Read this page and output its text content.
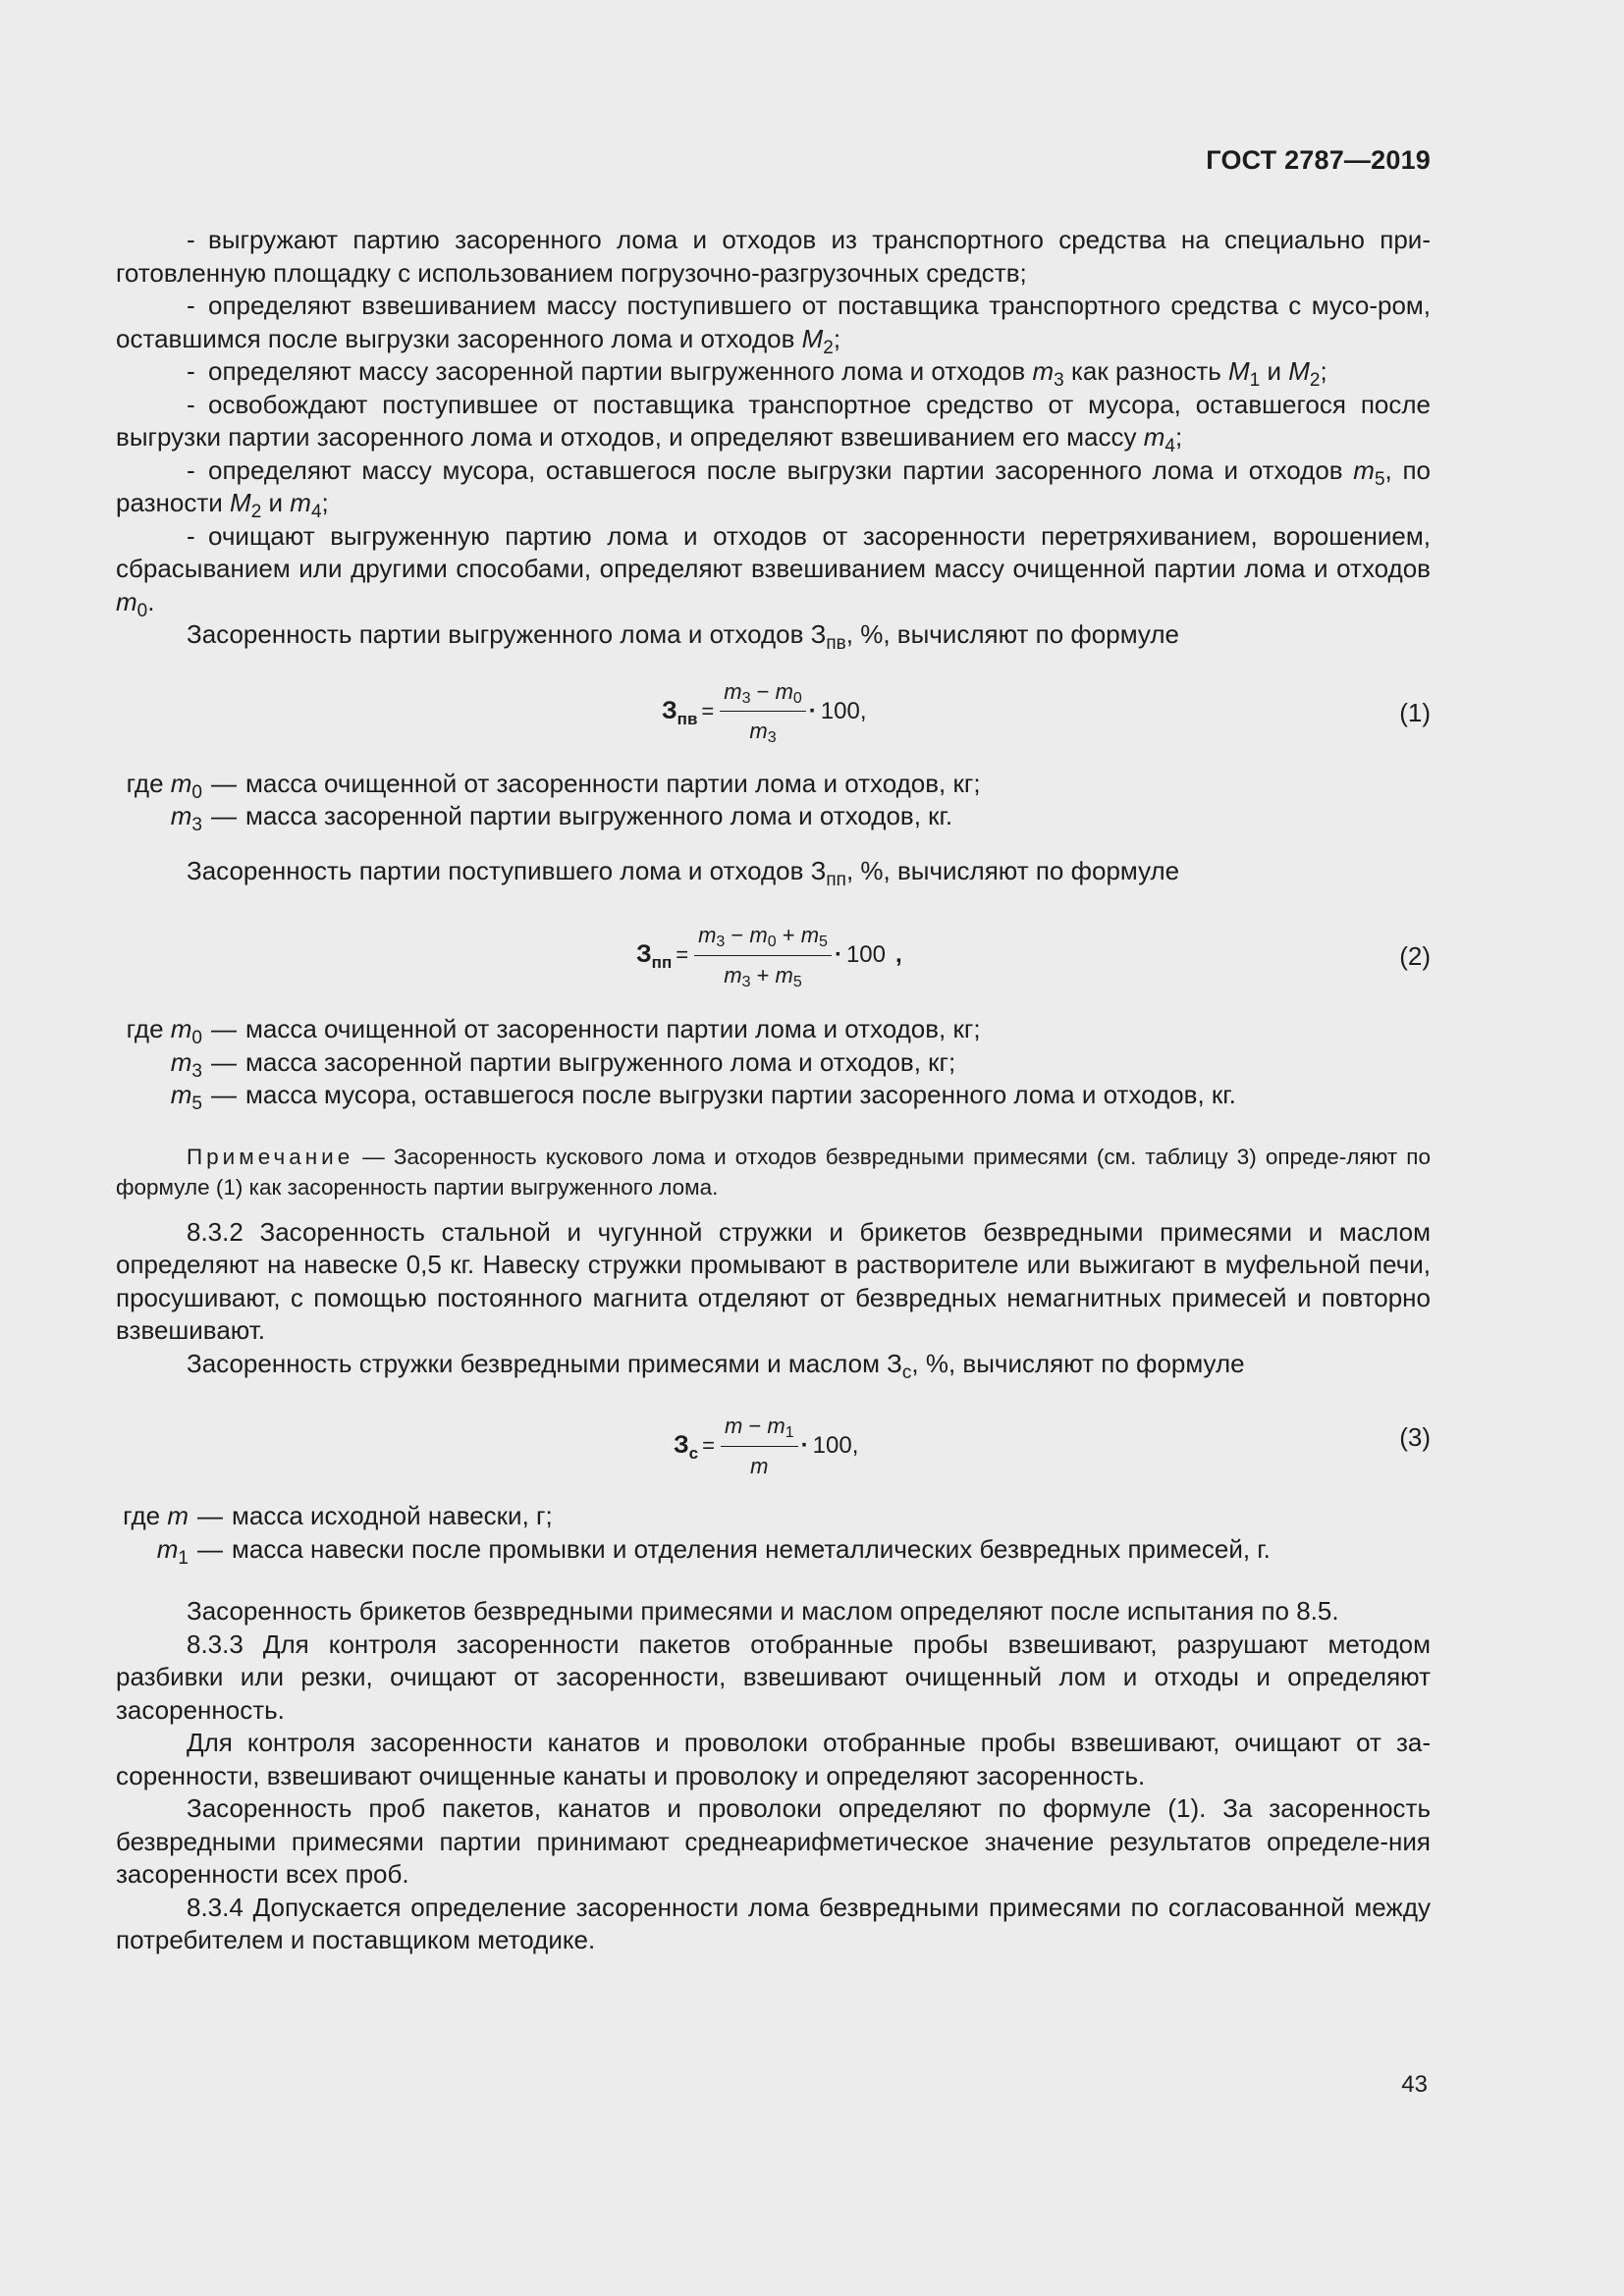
ГОСТ 2787—2019

- выгружают партию засоренного лома и отходов из транспортного средства на специально при-готовленную площадку с использованием погрузочно-разгрузочных средств;

- определяют взвешиванием массу поступившего от поставщика транспортного средства с мусо-ром, оставшимся после выгрузки засоренного лома и отходов $M_2$;

- определяют массу засоренной партии выгруженного лома и отходов $m_3$ как разность $M_1$ и $M_2$;

- освобождают поступившее от поставщика транспортное средство от мусора, оставшегося после выгрузки партии засоренного лома и отходов, и определяют взвешиванием его массу $m_4$;

- определяют массу мусора, оставшегося после выгрузки партии засоренного лома и отходов $m_5$, по разности $M_2$ и $m_4$;

- очищают выгруженную партию лома и отходов от засоренности перетряхиванием, ворошением, сбрасыванием или другими способами, определяют взвешиванием массу очищенной партии лома и отходов $m_0$.

Засоренность партии выгруженного лома и отходов $З_{пв}$, %, вычисляют по формуле

$З_{пв} = \frac{m_3 - m_0}{m_3} \cdot 100$ ,	(1)
где $m_0$ — масса очищенной от засоренности партии лома и отходов, кг;
$m_3$ — масса засоренной партии выгруженного лома и отходов, кг.

Засоренность партии поступившего лома и отходов $З_{пп}$, %, вычисляют по формуле

$З_{пп} = \frac{m_3 - m_0 + m_5}{m_3 + m_5} \cdot 100$ ,	(2)
где $m_0$ — масса очищенной от засоренности партии лома и отходов, кг;
$m_3$ — масса засоренной партии выгруженного лома и отходов, кг;
$m_5$ — масса мусора, оставшегося после выгрузки партии засоренного лома и отходов, кг.

Примечание — Засоренность кускового лома и отходов безвредными примесями (см. таблицу 3) опреде-ляют по формуле (1) как засоренность партии выгруженного лома.

8.3.2 Засоренность стальной и чугунной стружки и брикетов безвредными примесями и маслом определяют на навеске 0,5 кг. Навеску стружки промывают в растворителе или выжигают в муфельной печи, просушивают, с помощью постоянного магнита отделяют от безвредных немагнитных примесей и повторно взвешивают.

Засоренность стружки безвредными примесями и маслом $З_с$, %, вычисляют по формуле

$З_с = \frac{m - m_1}{m} \cdot 100$ ,	(3)
где m — масса исходной навески, г;
$m_1$ — масса навески после промывки и отделения неметаллических безвредных примесей, г.

Засоренность брикетов безвредными примесями и маслом определяют после испытания по 8.5.

8.3.3 Для контроля засоренности пакетов отобранные пробы взвешивают, разрушают методом разбивки или резки, очищают от засоренности, взвешивают очищенный лом и отходы и определяют засоренность.

Для контроля засоренности канатов и проволоки отобранные пробы взвешивают, очищают от за-соренности, взвешивают очищенные канаты и проволоку и определяют засоренность.

Засоренность проб пакетов, канатов и проволоки определяют по формуле (1). За засоренность безвредными примесями партии принимают среднеарифметическое значение результатов определе-ния засоренности всех проб.

8.3.4 Допускается определение засоренности лома безвредными примесями по согласованной между потребителем и поставщиком методике.

43
